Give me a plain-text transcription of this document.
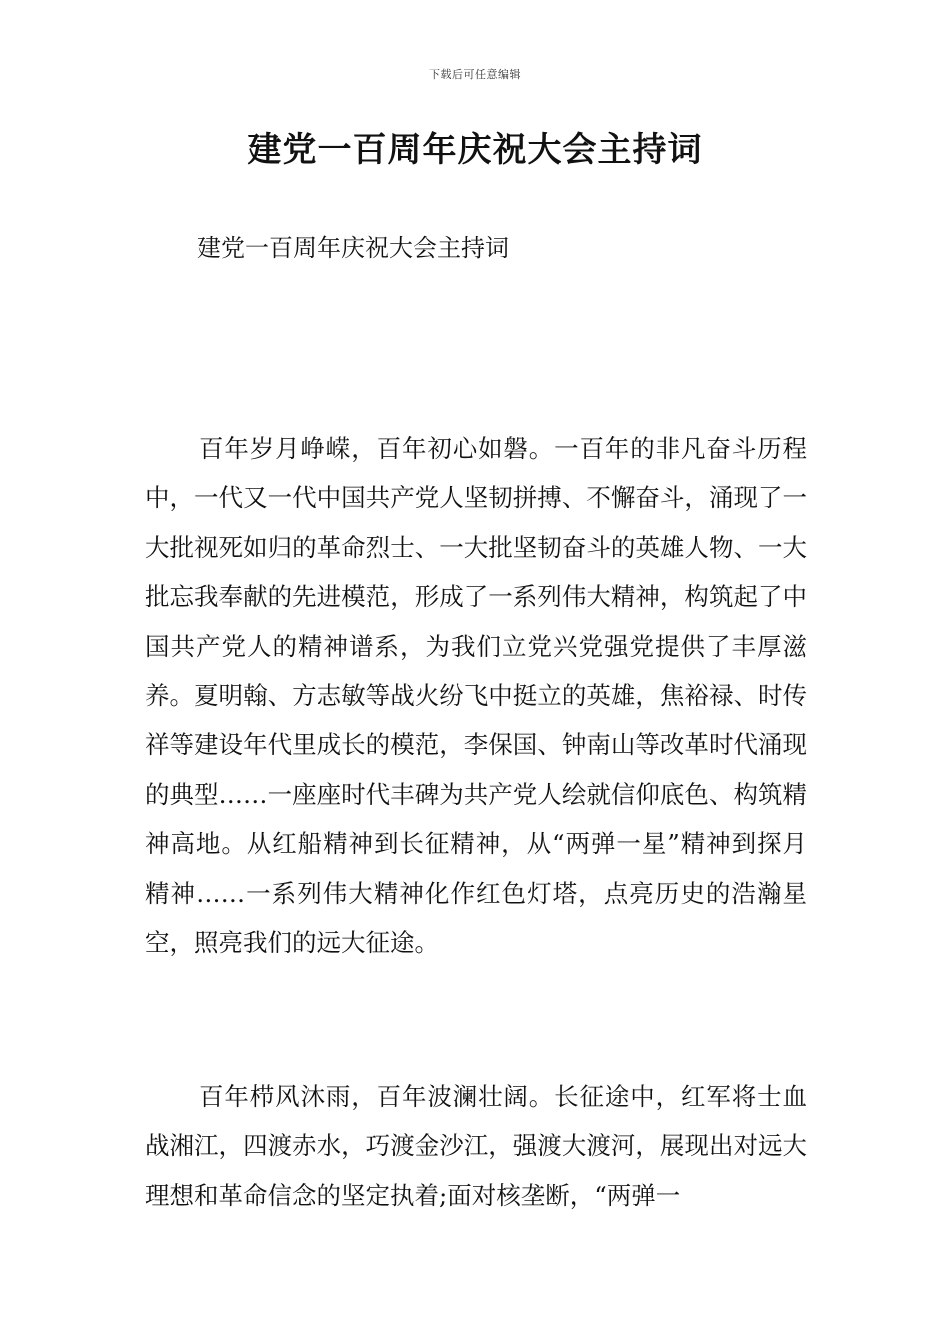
下载后可任意编辑
建党一百周年庆祝大会主持词
建党一百周年庆祝大会主持词

百年岁月峥嵘，百年初心如磐。一百年的非凡奋斗历程中，一代又一代中国共产党人坚韧拼搏、不懈奋斗，涌现了一大批视死如归的革命烈士、一大批坚韧奋斗的英雄人物、一大批忘我奉献的先进模范，形成了一系列伟大精神，构筑起了中国共产党人的精神谱系，为我们立党兴党强党提供了丰厚滋养。夏明翰、方志敏等战火纷飞中挺立的英雄，焦裕禄、时传祥等建设年代里成长的模范，李保国、钟南山等改革时代涌现的典型……一座座时代丰碑为共产党人绘就信仰底色、构筑精神高地。从红船精神到长征精神，从“两弹一星”精神到探月精神……一系列伟大精神化作红色灯塔，点亮历史的浩瀚星空，照亮我们的远大征途。

百年栉风沐雨，百年波澜壮阔。长征途中，红军将士血战湘江，四渡赤水，巧渡金沙江，强渡大渡河，展现出对远大理想和革命信念的坚定执着;面对核垄断，“两弹一
